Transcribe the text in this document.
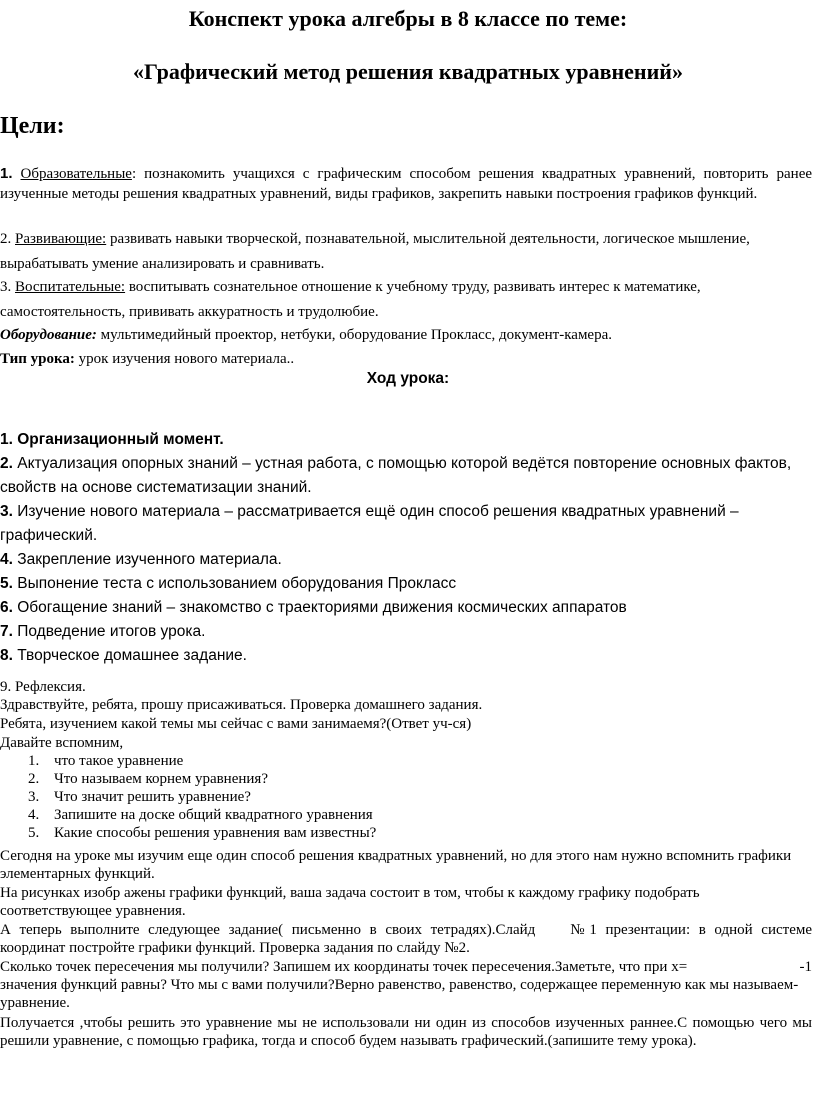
Конспект урока алгебры в 8 классе по теме:
«Графический метод решения квадратных уравнений»
Цели:
1. Образовательные: познакомить учащихся с графическим способом решения квадратных уравнений, повторить ранее изученные методы решения квадратных уравнений, виды графиков, закрепить навыки построения графиков функций.
2. Развивающие: развивать навыки творческой, познавательной, мыслительной деятельности, логическое мышление, вырабатывать умение анализировать и сравнивать.
3. Воспитательные: воспитывать сознательное отношение к учебному труду, развивать интерес к математике, самостоятельность, прививать аккуратность и трудолюбие.
Оборудование: мультимедийный проектор, нетбуки, оборудование Прокласс, документ-камера.
Тип урока: урок изучения нового материала..
Ход урока:
1. Организационный момент.
2. Актуализация опорных знаний – устная работа, с помощью которой ведётся повторение основных фактов, свойств на основе систематизации знаний.
3. Изучение нового материала – рассматривается ещё один способ решения квадратных уравнений – графический.
4. Закрепление изученного материала.
5. Выпонение теста с использованием оборудования Прокласс
6. Обогащение знаний – знакомство с траекториями движения космических аппаратов
7. Подведение итогов урока.
8. Творческое домашнее задание.
9. Рефлексия.
Здравствуйте, ребята, прошу присаживаться. Проверка домашнего задания.
Ребята, изучением какой темы мы сейчас с вами занимаемя?(Ответ уч-ся)
Давайте вспомним,
1. что такое уравнение
2. Что называем корнем уравнения?
3. Что значит решить уравнение?
4. Запишите на доске общий квадратного уравнения
5. Какие способы решения уравнения вам известны?
Сегодня на уроке мы изучим еще один способ решения квадратных уравнений, но для этого нам нужно вспомнить графики элементарных функций.
На рисунках изобр ажены графики функций, ваша задача состоит в том, чтобы к каждому графику подобрать соответствующее уравнения.
А теперь выполните следующее задание( письменно в своих тетрадях).Слайд №1 презентации: в одной системе координат постройте графики функций. Проверка задания по слайду №2.
Сколько точек пересечения мы получили? Запишем их координаты точек пересечения.Заметьте, что при х=	-1
значения функций равны? Что мы с вами получили?Верно равенство, равенство, содержащее переменную как мы называем-уравнение.
Получается ,чтобы решить это уравнение мы не использовали ни один из способов изученных раннее.С помощью чего мы решили уравнение, с помощью графика, тогда и способ будем называть графический.(запишите тему урока).
